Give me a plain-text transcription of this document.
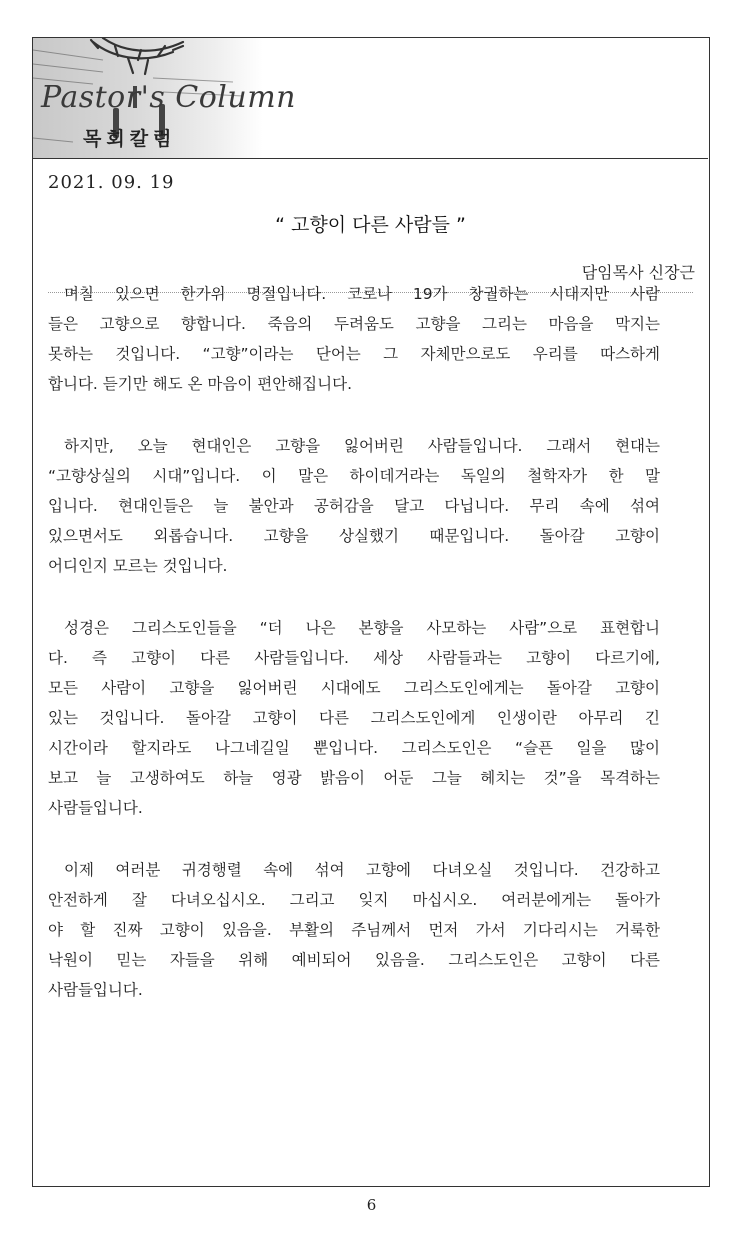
Pastor's Column
목회칼럼
2021. 09. 19
“ 고향이 다른 사람들 ”
담임목사 신장근
며칠 있으면 한가위 명절입니다. 코로나 19가 창궐하는 시대지만 사람
들은 고향으로 향합니다. 죽음의 두려움도 고향을 그리는 마음을 막지는
못하는 것입니다. “고향”이라는 단어는 그 자체만으로도 우리를 따스하게
합니다. 듣기만 해도 온 마음이 편안해집니다.
하지만, 오늘 현대인은 고향을 잃어버린 사람들입니다. 그래서 현대는
“고향상실의 시대”입니다. 이 말은 하이데거라는 독일의 철학자가 한 말
입니다. 현대인들은 늘 불안과 공허감을 달고 다닙니다. 무리 속에 섞여
있으면서도 외롭습니다. 고향을 상실했기 때문입니다. 돌아갈 고향이
어디인지 모르는 것입니다.
성경은 그리스도인들을 “더 나은 본향을 사모하는 사람”으로 표현합니
다. 즉 고향이 다른 사람들입니다. 세상 사람들과는 고향이 다르기에,
모든 사람이 고향을 잃어버린 시대에도 그리스도인에게는 돌아갈 고향이
있는 것입니다. 돌아갈 고향이 다른 그리스도인에게 인생이란 아무리 긴
시간이라 할지라도 나그네길일 뿐입니다. 그리스도인은 “슬픈 일을 많이
보고 늘 고생하여도 하늘 영광 밝음이 어둔 그늘 헤치는 것”을 목격하는
사람들입니다.
이제 여러분 귀경행렬 속에 섞여 고향에 다녀오실 것입니다. 건강하고
안전하게 잘 다녀오십시오. 그리고 잊지 마십시오. 여러분에게는 돌아가
야 할 진짜 고향이 있음을. 부활의 주님께서 먼저 가서 기다리시는 거룩한
낙원이 믿는 자들을 위해 예비되어 있음을. 그리스도인은 고향이 다른
사람들입니다.
6
